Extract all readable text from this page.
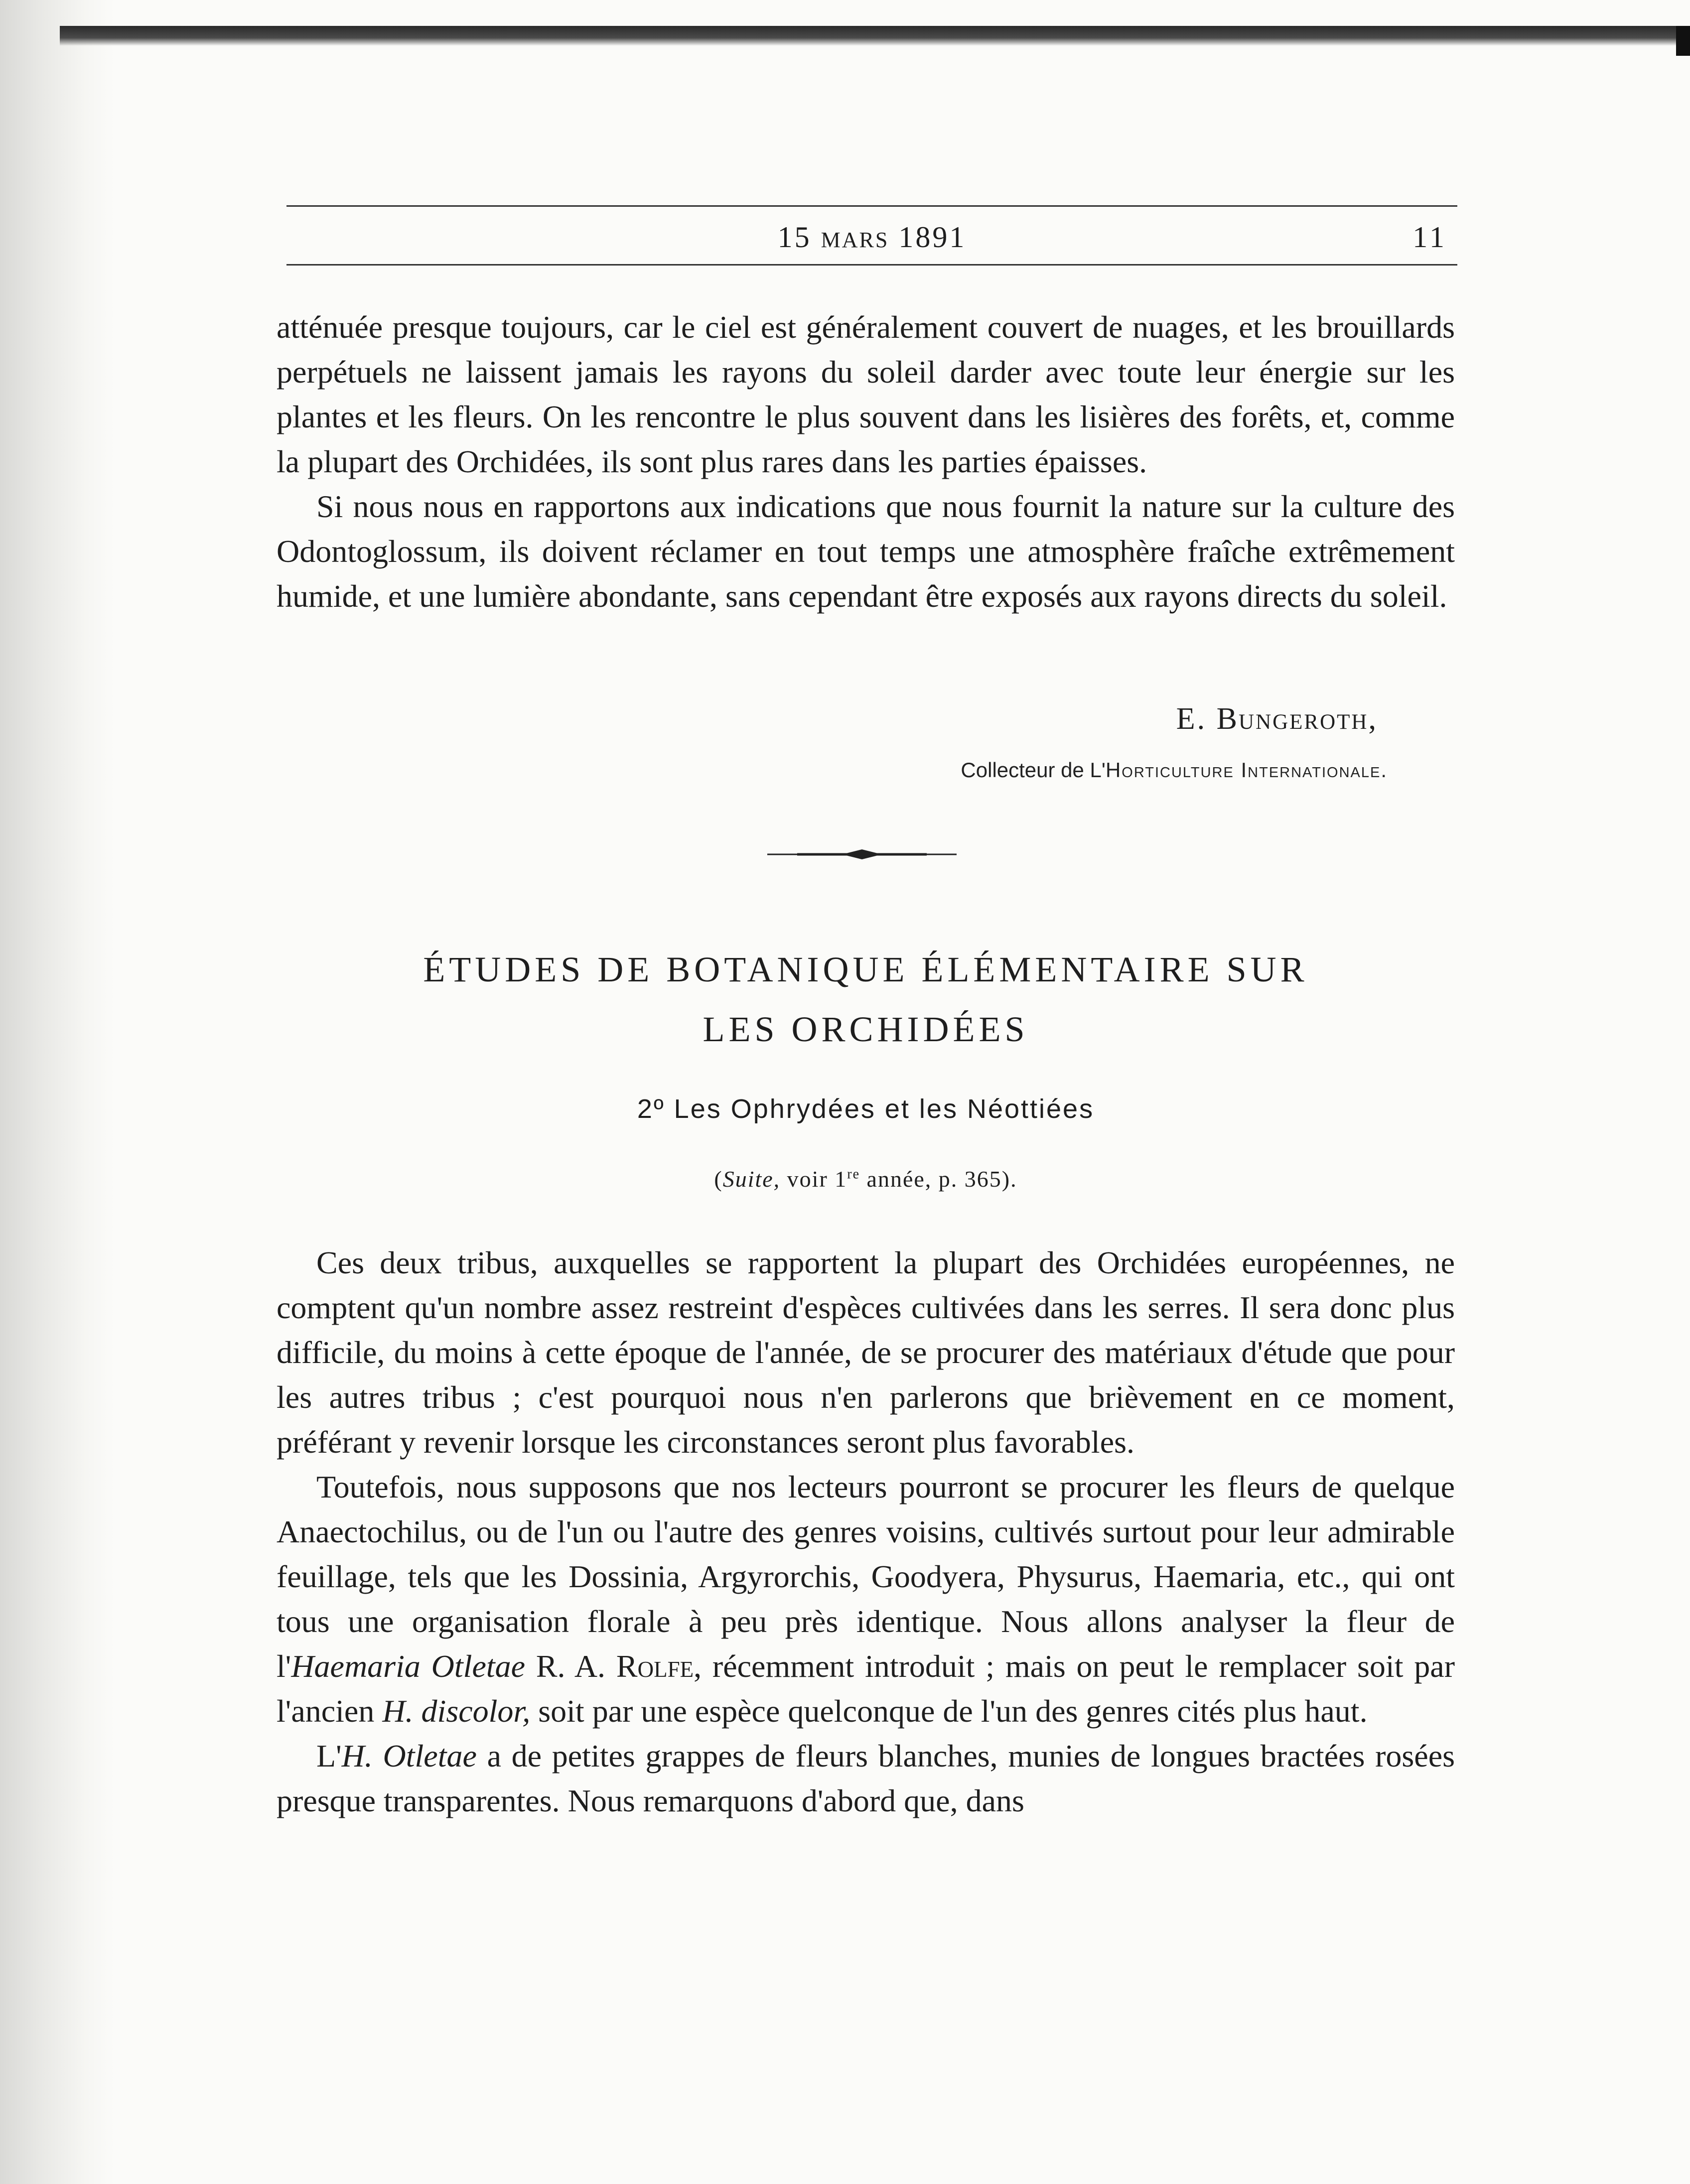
15 MARS 1891	11

atténuée presque toujours, car le ciel est généralement couvert de nuages, et les brouillards perpétuels ne laissent jamais les rayons du soleil darder avec toute leur énergie sur les plantes et les fleurs. On les rencontre le plus souvent dans les lisières des forêts, et, comme la plupart des Orchidées, ils sont plus rares dans les parties épaisses.

Si nous nous en rapportons aux indications que nous fournit la nature sur la culture des Odontoglossum, ils doivent réclamer en tout temps une atmosphère fraîche extrêmement humide, et une lumière abondante, sans cependant être exposés aux rayons directs du soleil.

E. Bungeroth,
Collecteur de L'Horticulture Internationale.
ÉTUDES DE BOTANIQUE ÉLÉMENTAIRE SUR
LES ORCHIDÉES
2º Les Ophrydées et les Néottiées
(Suite, voir 1re année, p. 365).

Ces deux tribus, auxquelles se rapportent la plupart des Orchidées européennes, ne comptent qu'un nombre assez restreint d'espèces cultivées dans les serres. Il sera donc plus difficile, du moins à cette époque de l'année, de se procurer des matériaux d'étude que pour les autres tribus ; c'est pourquoi nous n'en parlerons que brièvement en ce moment, préférant y revenir lorsque les circonstances seront plus favorables.

Toutefois, nous supposons que nos lecteurs pourront se procurer les fleurs de quelque Anaectochilus, ou de l'un ou l'autre des genres voisins, cultivés surtout pour leur admirable feuillage, tels que les Dossinia, Argyrorchis, Goodyera, Physurus, Haemaria, etc., qui ont tous une organisation florale à peu près identique. Nous allons analyser la fleur de l'Haemaria Otletae R. A. Rolfe, récemment introduit ; mais on peut le remplacer soit par l'ancien H. discolor, soit par une espèce quelconque de l'un des genres cités plus haut.

L'H. Otletae a de petites grappes de fleurs blanches, munies de longues bractées rosées presque transparentes. Nous remarquons d'abord que, dans
